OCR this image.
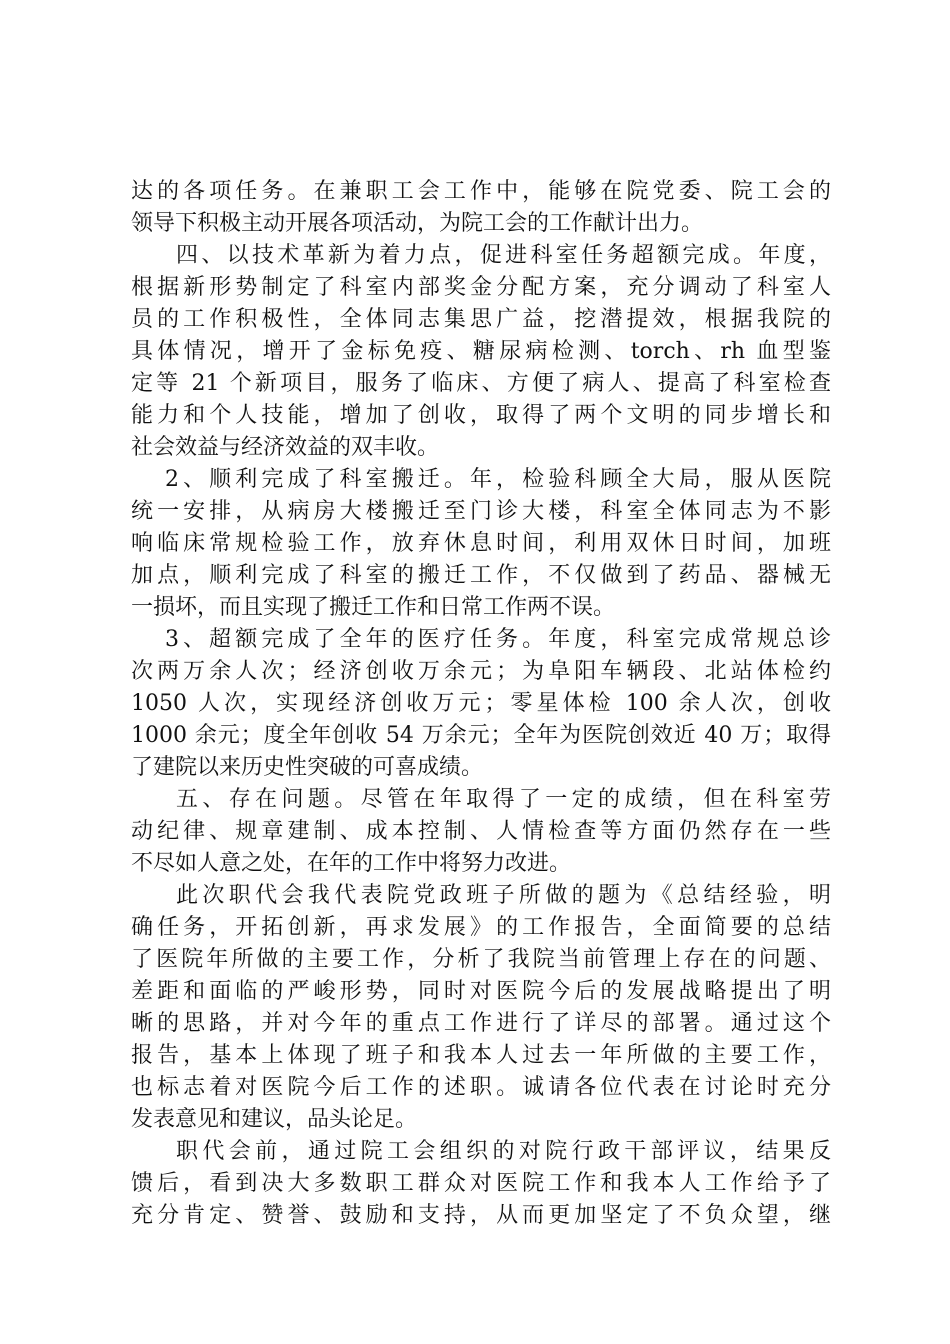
达的各项任务。在兼职工会工作中，能够在院党委、院工会的
领导下积极主动开展各项活动，为院工会的工作献计出力。
四、以技术革新为着力点，促进科室任务超额完成。年度，
根据新形势制定了科室内部奖金分配方案，充分调动了科室人
员的工作积极性，全体同志集思广益，挖潜提效，根据我院的
具体情况，增开了金标免疫、糖尿病检测、torch、rh 血型鉴
定等 21 个新项目，服务了临床、方便了病人、提高了科室检查
能力和个人技能，增加了创收，取得了两个文明的同步增长和
社会效益与经济效益的双丰收。
2、顺利完成了科室搬迁。年，检验科顾全大局，服从医院
统一安排，从病房大楼搬迁至门诊大楼，科室全体同志为不影
响临床常规检验工作，放弃休息时间，利用双休日时间，加班
加点，顺利完成了科室的搬迁工作，不仅做到了药品、器械无
一损坏，而且实现了搬迁工作和日常工作两不误。
3、超额完成了全年的医疗任务。年度，科室完成常规总诊
次两万余人次；经济创收万余元；为阜阳车辆段、北站体检约
1050 人次，实现经济创收万元；零星体检 100 余人次，创收
1000 余元；度全年创收 54 万余元；全年为医院创效近 40 万；取得
了建院以来历史性突破的可喜成绩。
五、存在问题。尽管在年取得了一定的成绩，但在科室劳
动纪律、规章建制、成本控制、人情检查等方面仍然存在一些
不尽如人意之处，在年的工作中将努力改进。
此次职代会我代表院党政班子所做的题为《总结经验，明
确任务，开拓创新，再求发展》的工作报告，全面简要的总结
了医院年所做的主要工作，分析了我院当前管理上存在的问题、
差距和面临的严峻形势，同时对医院今后的发展战略提出了明
晰的思路，并对今年的重点工作进行了详尽的部署。通过这个
报告，基本上体现了班子和我本人过去一年所做的主要工作，
也标志着对医院今后工作的述职。诚请各位代表在讨论时充分
发表意见和建议，品头论足。
职代会前，通过院工会组织的对院行政干部评议，结果反
馈后，看到决大多数职工群众对医院工作和我本人工作给予了
充分肯定、赞誉、鼓励和支持，从而更加坚定了不负众望，继
